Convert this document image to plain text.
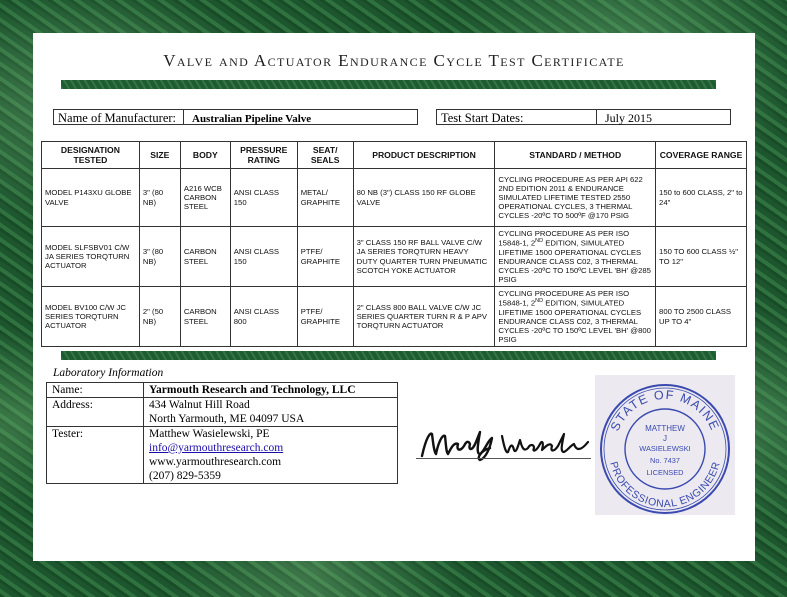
Valve and Actuator Endurance Cycle Test Certificate
Name of Manufacturer: Australian Pipeline Valve	Test Start Dates:	July 2015
DESIGNATION TESTED	SIZE	BODY	PRESSURE RATING	SEAT/ SEALS	PRODUCT DESCRIPTION	STANDARD / METHOD	COVERAGE RANGE
MODEL P143XU GLOBE VALVE	3" (80 NB)	A216 WCB CARBON STEEL	ANSI CLASS 150	METAL/ GRAPHITE	80 NB (3") CLASS 150 RF GLOBE VALVE	CYCLING PROCEDURE AS PER API 622 2ND EDITION 2011 & ENDURANCE SIMULATED LIFETIME TESTED 2550 OPERATIONAL CYCLES, 3 THERMAL CYCLES -20ºC TO 500ºF @170 PSIG	150 to 600 CLASS, 2" to 24"
MODEL SLFSBV01 C/W JA SERIES TORQTURN ACTUATOR	3" (80 NB)	CARBON STEEL	ANSI CLASS 150	PTFE/ GRAPHITE	3" CLASS 150 RF BALL VALVE C/W JA SERIES TORQTURN HEAVY DUTY QUARTER TURN PNEUMATIC SCOTCH YOKE ACTUATOR	CYCLING PROCEDURE AS PER ISO 15848-1, 2ND EDITION, SIMULATED LIFETIME 1500 OPERATIONAL CYCLES ENDURANCE CLASS C02, 3 THERMAL CYCLES -20ºC TO 150ºC LEVEL 'BH' @285 PSIG	150 TO 600 CLASS ½" TO 12"
MODEL BV100 C/W JC SERIES TORQTURN ACTUATOR	2" (50 NB)	CARBON STEEL	ANSI CLASS 800	PTFE/ GRAPHITE	2" CLASS 800 BALL VALVE C/W JC SERIES QUARTER TURN R & P APV TORQTURN ACTUATOR	CYCLING PROCEDURE AS PER ISO 15848-1, 2ND EDITION, SIMULATED LIFETIME 1500 OPERATIONAL CYCLES ENDURANCE CLASS C02, 3 THERMAL CYCLES -20ºC TO 150ºC LEVEL 'BH' @800 PSIG	800 TO 2500 CLASS UP TO 4"
Laboratory Information
Name:	Yarmouth Research and Technology, LLC
Address:	434 Walnut Hill Road
North Yarmouth, ME 04097 USA

Tester:	Matthew Wasielewski, PE
info@yarmouthresearch.com
www.yarmouthresearch.com
(207) 829-5359
STATE OF MAINE
PROFESSIONAL ENGINEER
MATTHEW
J
WASIELEWSKI
No. 7437
LICENSED
